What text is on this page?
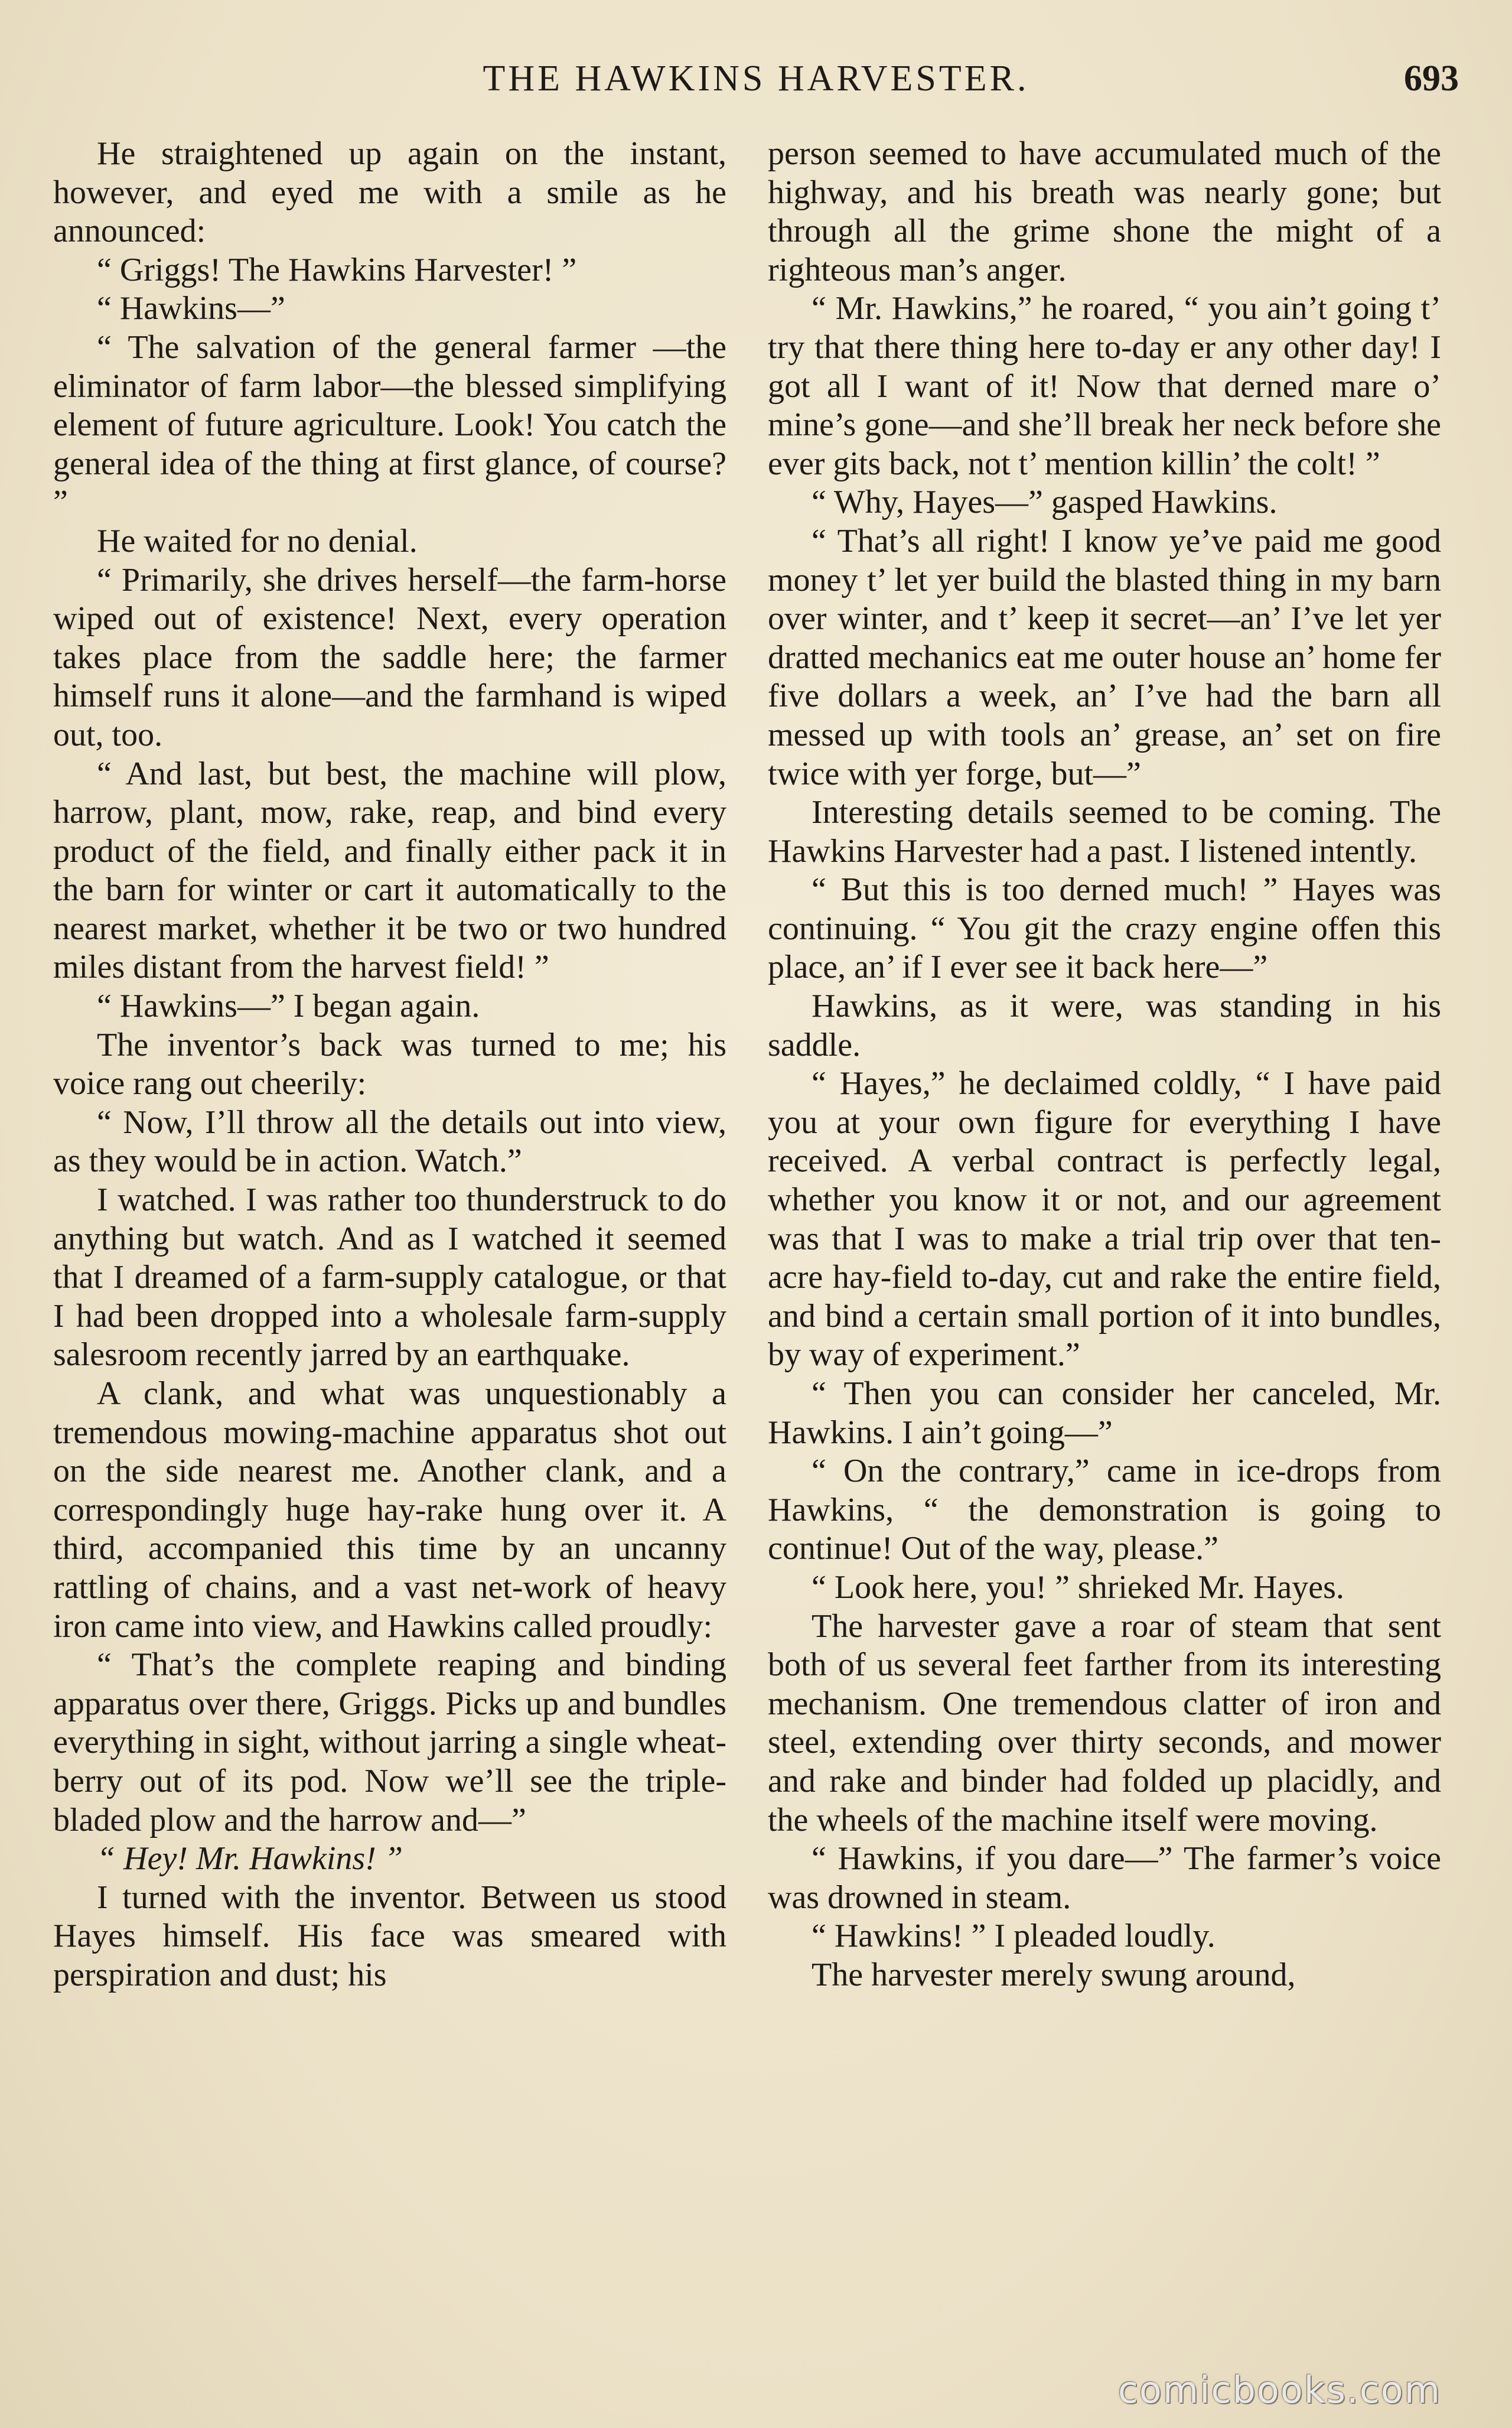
THE HAWKINS HARVESTER.	693

He straightened up again on the instant, however, and eyed me with a smile as he announced:

“ Griggs! The Hawkins Harvester! ”

“ Hawkins—”

“ The salvation of the general farmer —the eliminator of farm labor—the blessed simplifying element of future agriculture. Look! You catch the general idea of the thing at first glance, of course? ”

He waited for no denial.

“ Primarily, she drives herself—the farm-horse wiped out of existence! Next, every operation takes place from the saddle here; the farmer himself runs it alone—and the farmhand is wiped out, too.

“ And last, but best, the machine will plow, harrow, plant, mow, rake, reap, and bind every product of the field, and finally either pack it in the barn for winter or cart it automatically to the nearest market, whether it be two or two hundred miles distant from the harvest field! ”

“ Hawkins—” I began again.

The inventor’s back was turned to me; his voice rang out cheerily:

“ Now, I’ll throw all the details out into view, as they would be in action. Watch.”

I watched. I was rather too thunderstruck to do anything but watch. And as I watched it seemed that I dreamed of a farm-supply catalogue, or that I had been dropped into a wholesale farm-supply salesroom recently jarred by an earthquake.

A clank, and what was unquestionably a tremendous mowing-machine apparatus shot out on the side nearest me. Another clank, and a correspondingly huge hay-rake hung over it. A third, accompanied this time by an uncanny rattling of chains, and a vast net-work of heavy iron came into view, and Hawkins called proudly:

“ That’s the complete reaping and binding apparatus over there, Griggs. Picks up and bundles everything in sight, without jarring a single wheat-berry out of its pod. Now we’ll see the triple-bladed plow and the harrow and—”

“ Hey! Mr. Hawkins! ”

I turned with the inventor. Between us stood Hayes himself. His face was smeared with perspiration and dust; his

person seemed to have accumulated much of the highway, and his breath was nearly gone; but through all the grime shone the might of a righteous man’s anger.

“ Mr. Hawkins,” he roared, “ you ain’t going t’ try that there thing here to-day er any other day! I got all I want of it! Now that derned mare o’ mine’s gone—and she’ll break her neck before she ever gits back, not t’ mention killin’ the colt! ”

“ Why, Hayes—” gasped Hawkins.

“ That’s all right! I know ye’ve paid me good money t’ let yer build the blasted thing in my barn over winter, and t’ keep it secret—an’ I’ve let yer dratted mechanics eat me outer house an’ home fer five dollars a week, an’ I’ve had the barn all messed up with tools an’ grease, an’ set on fire twice with yer forge, but—”

Interesting details seemed to be coming. The Hawkins Harvester had a past. I listened intently.

“ But this is too derned much! ” Hayes was continuing. “ You git the crazy engine offen this place, an’ if I ever see it back here—”

Hawkins, as it were, was standing in his saddle.

“ Hayes,” he declaimed coldly, “ I have paid you at your own figure for everything I have received. A verbal contract is perfectly legal, whether you know it or not, and our agreement was that I was to make a trial trip over that ten-acre hay-field to-day, cut and rake the entire field, and bind a certain small portion of it into bundles, by way of experiment.”

“ Then you can consider her canceled, Mr. Hawkins. I ain’t going—”

“ On the contrary,” came in ice-drops from Hawkins, “ the demonstration is going to continue! Out of the way, please.”

“ Look here, you! ” shrieked Mr. Hayes.

The harvester gave a roar of steam that sent both of us several feet farther from its interesting mechanism. One tremendous clatter of iron and steel, extending over thirty seconds, and mower and rake and binder had folded up placidly, and the wheels of the machine itself were moving.

“ Hawkins, if you dare—” The farmer’s voice was drowned in steam.

“ Hawkins! ” I pleaded loudly.

The harvester merely swung around,

comicbooks.com
